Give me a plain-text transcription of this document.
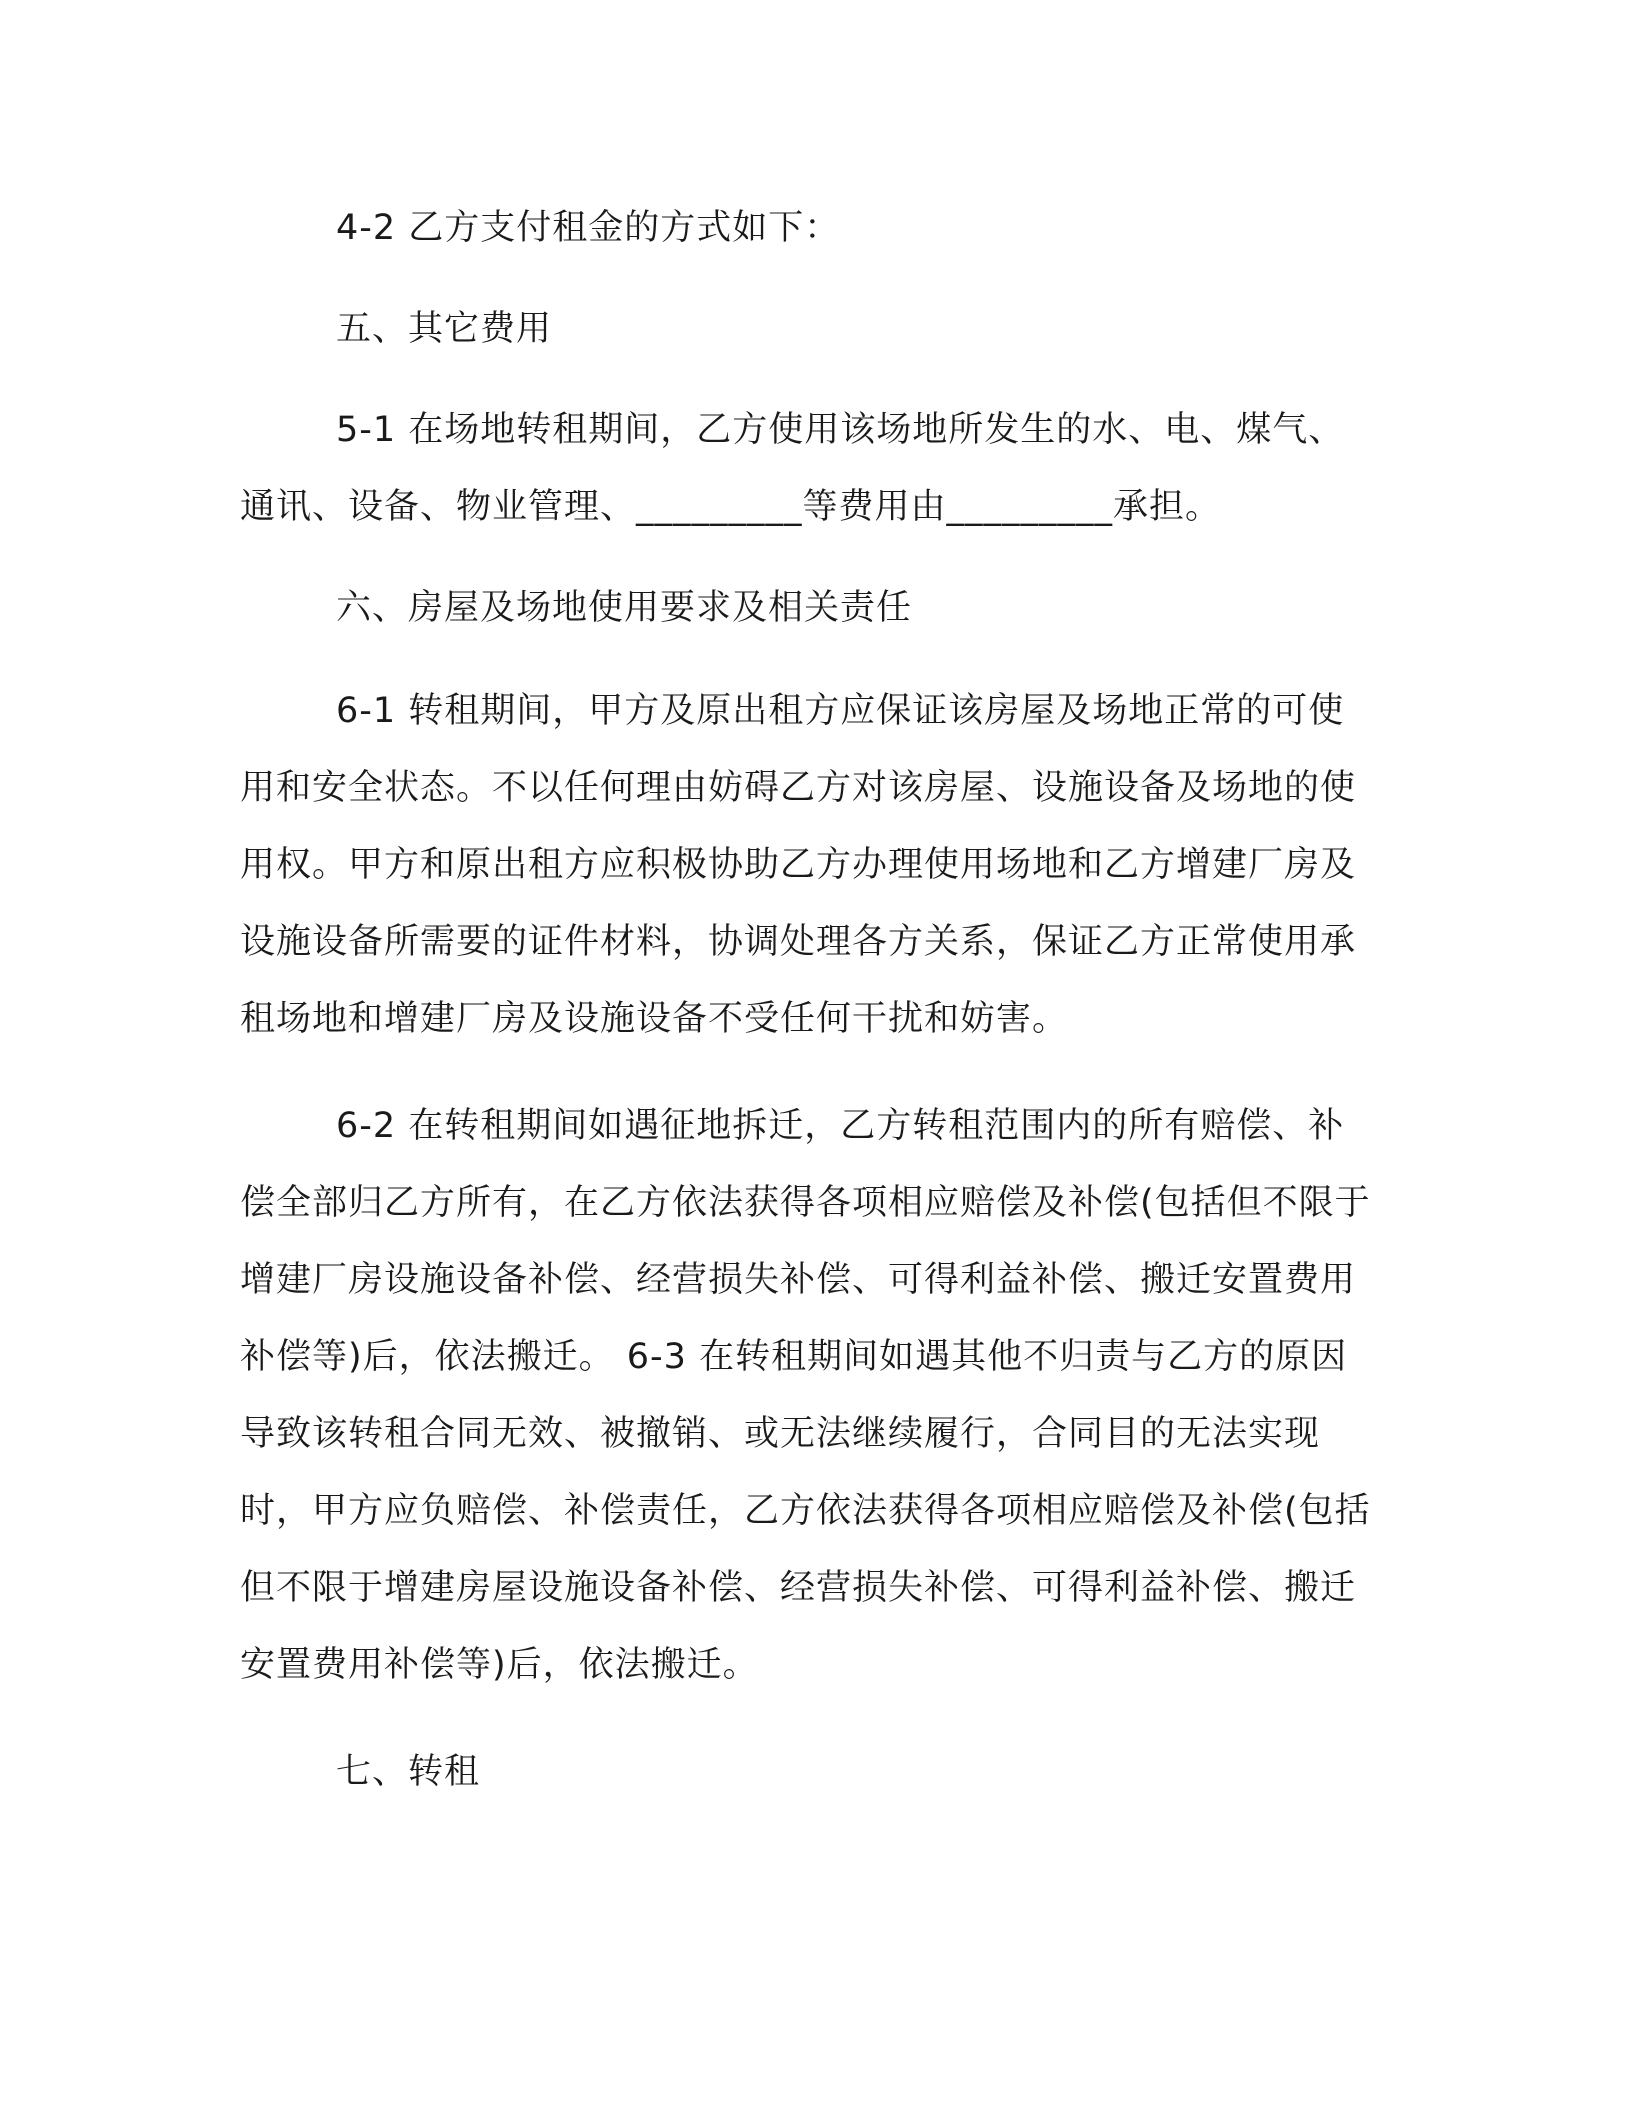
4-2 乙方支付租金的方式如下：

五、其它费用

5-1 在场地转租期间，乙方使用该场地所发生的水、电、煤气、通讯、设备、物业管理、_________等费用由_________承担。

六、房屋及场地使用要求及相关责任

6-1 转租期间，甲方及原出租方应保证该房屋及场地正常的可使用和安全状态。不以任何理由妨碍乙方对该房屋、设施设备及场地的使用权。甲方和原出租方应积极协助乙方办理使用场地和乙方增建厂房及设施设备所需要的证件材料，协调处理各方关系，保证乙方正常使用承租场地和增建厂房及设施设备不受任何干扰和妨害。

6-2 在转租期间如遇征地拆迁，乙方转租范围内的所有赔偿、补偿全部归乙方所有，在乙方依法获得各项相应赔偿及补偿(包括但不限于增建厂房设施设备补偿、经营损失补偿、可得利益补偿、搬迁安置费用补偿等)后，依法搬迁。 6-3 在转租期间如遇其他不归责与乙方的原因导致该转租合同无效、被撤销、或无法继续履行，合同目的无法实现时，甲方应负赔偿、补偿责任，乙方依法获得各项相应赔偿及补偿(包括但不限于增建房屋设施设备补偿、经营损失补偿、可得利益补偿、搬迁安置费用补偿等)后，依法搬迁。

七、转租
